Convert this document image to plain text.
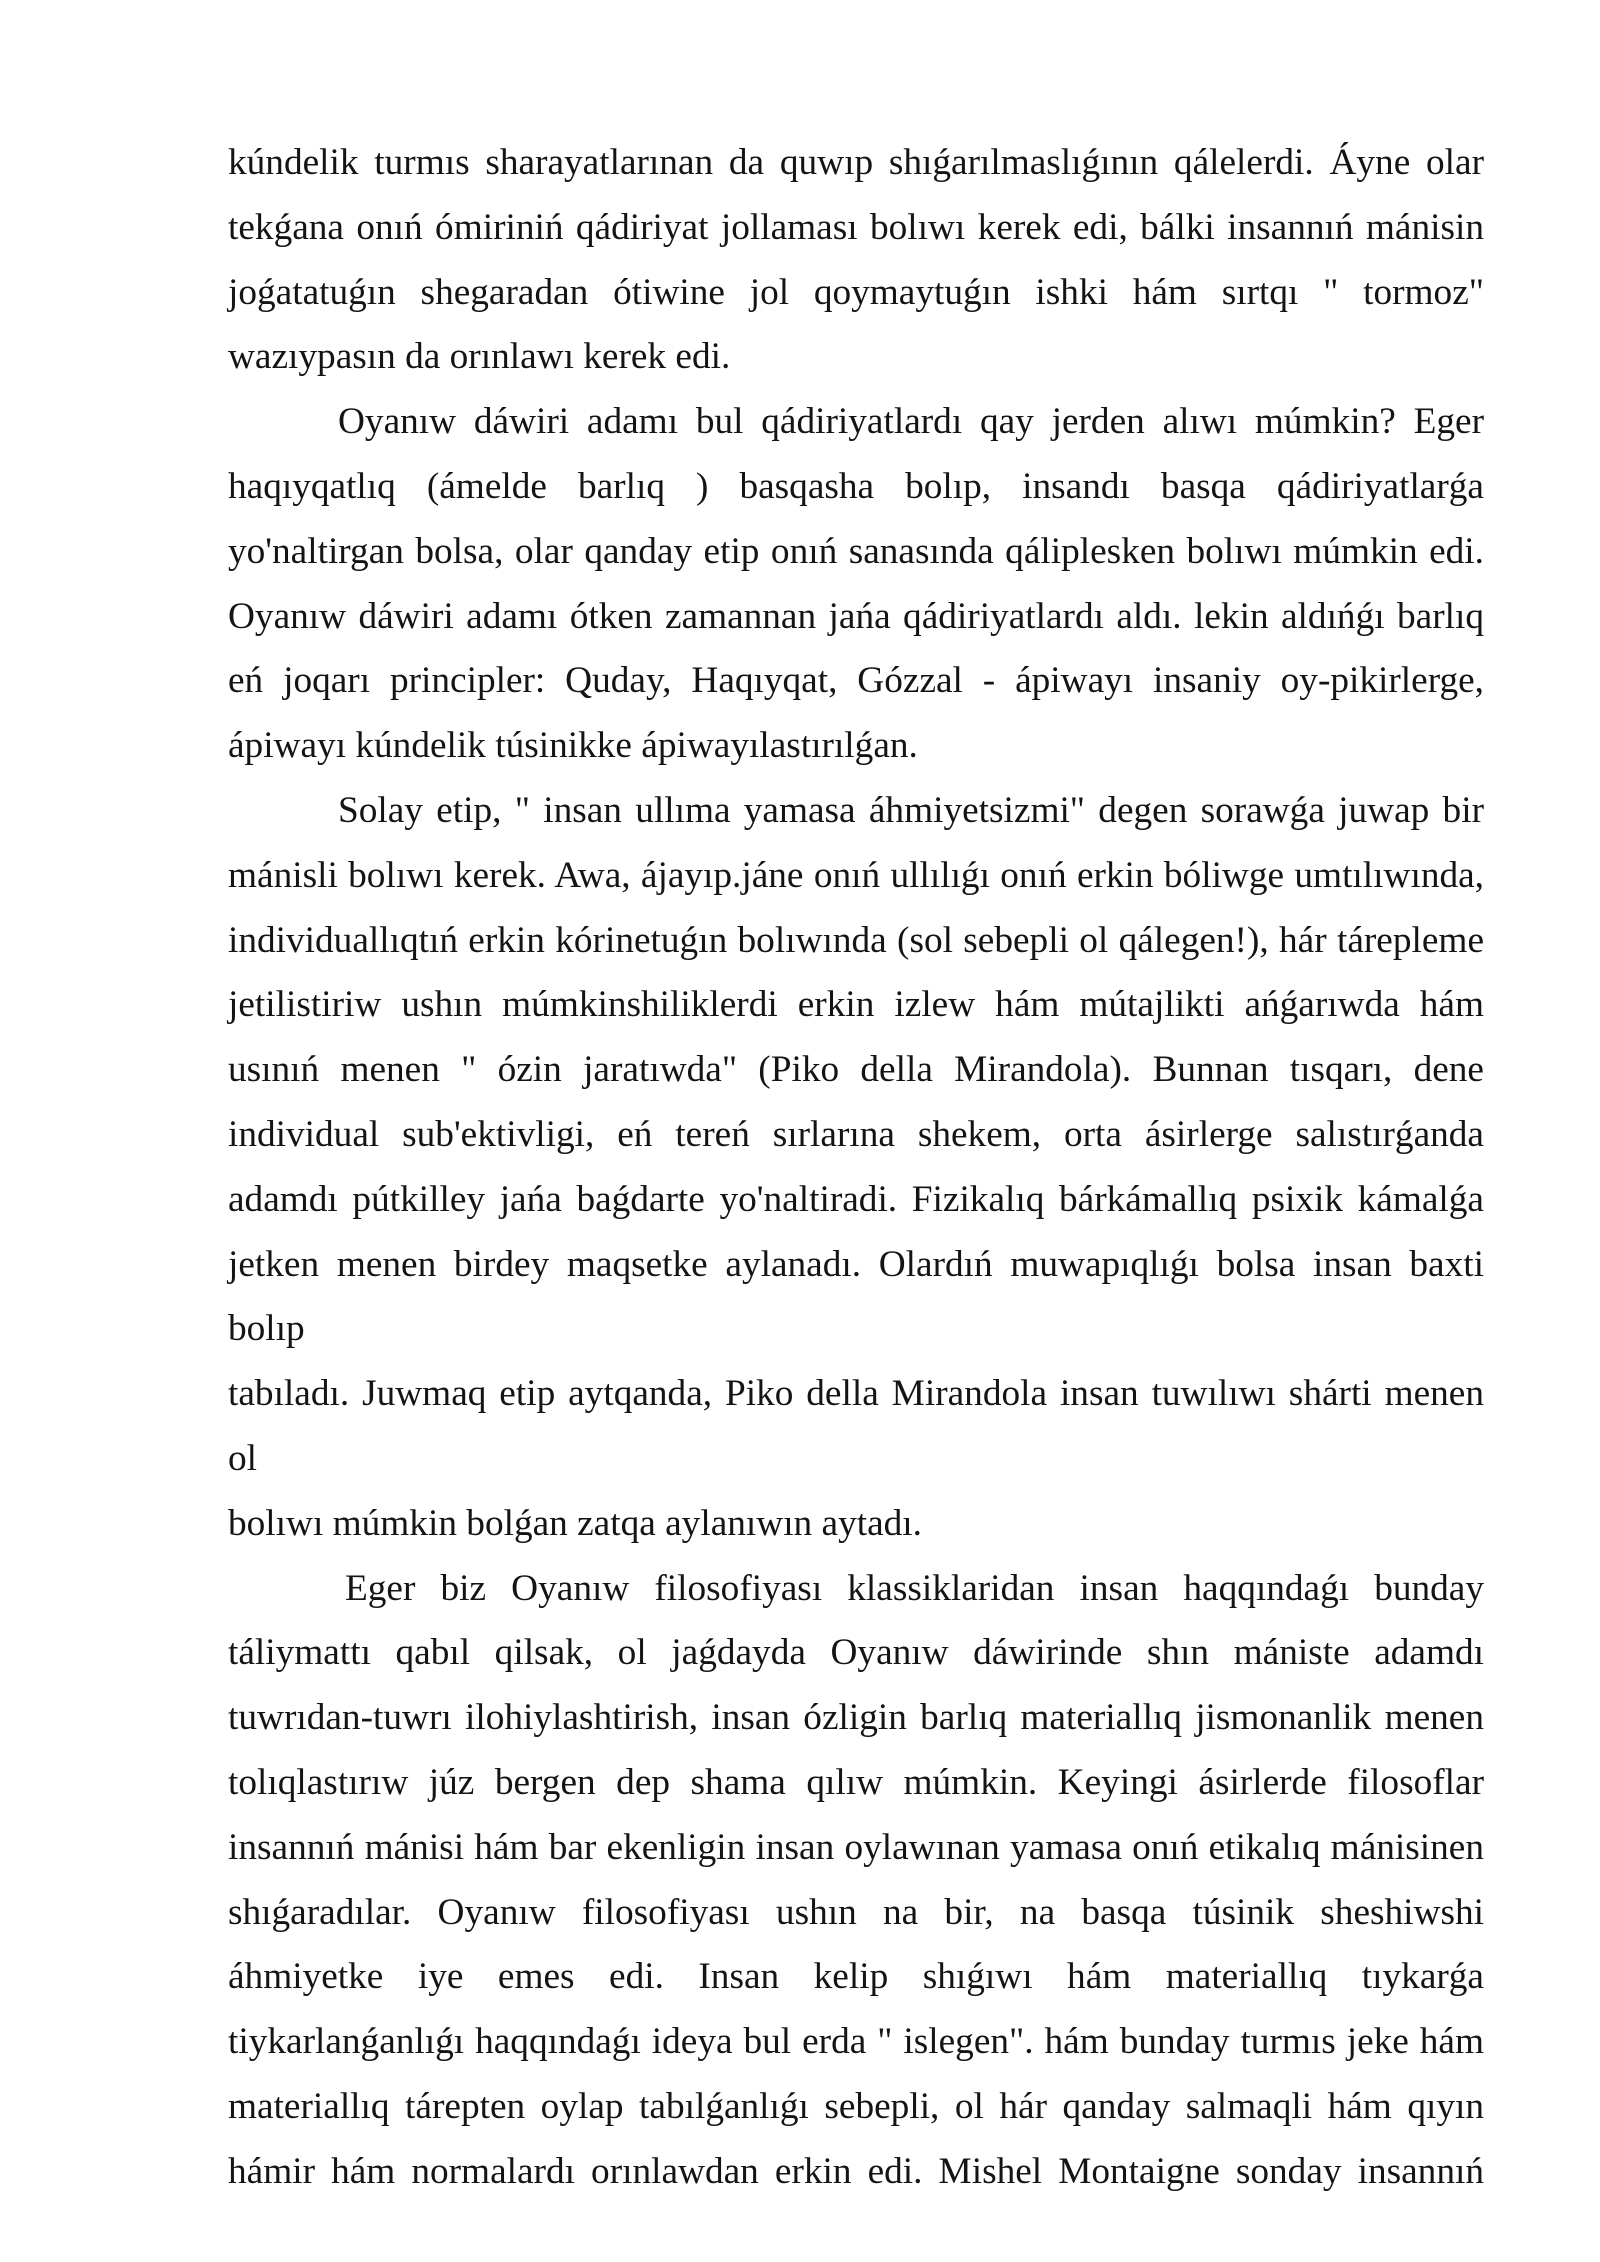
kúndelik turmıs sharayatlarınan da quwıp shıǵarılmaslıǵının qálelerdi. Áyne olar
tekǵana onıń ómiriniń qádiriyat jollaması bolıwı kerek edi, bálki insannıń mánisin
joǵatatuǵın shegaradan ótiwine jol qoymaytuǵın ishki hám sırtqı " tormoz"
wazıypasın da orınlawı kerek edi.
Oyanıw dáwiri adamı bul qádiriyatlardı qay jerden alıwı múmkin? Eger
haqıyqatlıq (ámelde barlıq ) basqasha bolıp, insandı basqa qádiriyatlarǵa
yo'naltirgan bolsa, olar qanday etip onıń sanasında qáliplesken bolıwı múmkin edi.
Oyanıw dáwiri adamı ótken zamannan jańa qádiriyatlardı aldı. lekin aldıńǵı barlıq
eń joqarı principler: Quday, Haqıyqat, Gózzal - ápiwayı insaniy oy-pikirlerge,
ápiwayı kúndelik túsinikke ápiwayılastırılǵan.
Solay etip, " insan ullıma yamasa áhmiyetsizmi" degen sorawǵa juwap bir
mánisli bolıwı kerek. Awa, ájayıp.jáne onıń ullılıǵı onıń erkin bóliwge umtılıwında,
individuallıqtıń erkin kórinetuǵın bolıwında (sol sebepli ol qálegen!), hár tárepleme
jetilistiriw ushın múmkinshiliklerdi erkin izlew hám mútajlikti ańǵarıwda hám
usınıń menen " ózin jaratıwda" (Piko della Mirandola). Bunnan tısqarı, dene
individual sub'ektivligi, eń tereń sırlarına shekem, orta ásirlerge salıstırǵanda
adamdı pútkilley jańa baǵdarte yo'naltiradi. Fizikalıq bárkámallıq psixik kámalǵa
jetken menen birdey maqsetke aylanadı. Olardıń muwapıqlıǵı bolsa insan baxti bolıp
tabıladı. Juwmaq etip aytqanda, Piko della Mirandola insan tuwılıwı shárti menen ol
bolıwı múmkin bolǵan zatqa aylanıwın aytadı.
Eger biz Oyanıw filosofiyası klassiklaridan insan haqqındaǵı bunday
táliymattı qabıl qilsak, ol jaǵdayda Oyanıw dáwirinde shın mániste adamdı
tuwrıdan-tuwrı ilohiylashtirish, insan ózligin barlıq materiallıq jismonanlik menen
tolıqlastırıw júz bergen dep shama qılıw múmkin. Keyingi ásirlerde filosoflar
insannıń mánisi hám bar ekenligin insan oylawınan yamasa onıń etikalıq mánisinen
shıǵaradılar. Oyanıw filosofiyası ushın na bir, na basqa túsinik sheshiwshi
áhmiyetke iye emes edi. Insan kelip shıǵıwı hám materiallıq tıykarǵa
tiykarlanǵanlıǵı haqqındaǵı ideya bul erda " islegen". hám bunday turmıs jeke hám
materiallıq tárepten oylap tabılǵanlıǵı sebepli, ol hár qanday salmaqli hám qıyın
hámir hám normalardı orınlawdan erkin edi. Mishel Montaigne sonday insannıń
